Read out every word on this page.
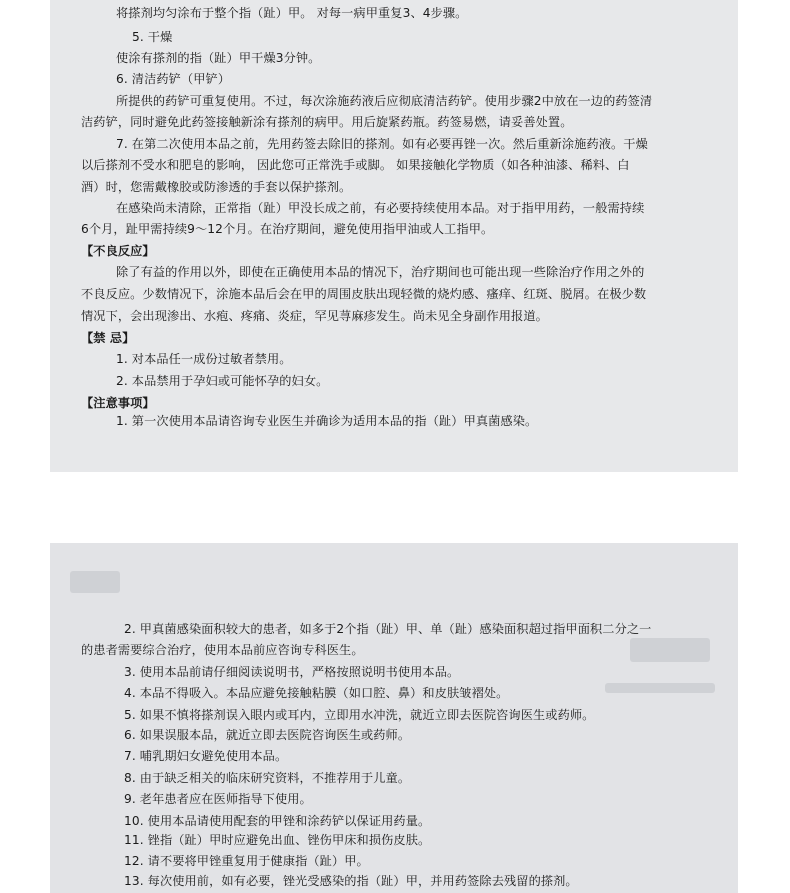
将搽剂均匀涂布于整个指（趾）甲。 对每一病甲重复3、4步骤。
5. 干燥
使涂有搽剂的指（趾）甲干燥3分钟。
6. 清洁药铲（甲铲）
所提供的药铲可重复使用。不过，每次涂施药液后应彻底清洁药铲。使用步骤2中放在一边的药签清
洁药铲，同时避免此药签接触新涂有搽剂的病甲。用后旋紧药瓶。药签易燃，请妥善处置。
7. 在第二次使用本品之前，先用药签去除旧的搽剂。如有必要再锉一次。然后重新涂施药液。干燥
以后搽剂不受水和肥皂的影响， 因此您可正常洗手或脚。 如果接触化学物质（如各种油漆、稀料、白
酒）时，您需戴橡胶或防渗透的手套以保护搽剂。
在感染尚未清除，正常指（趾）甲没长成之前，有必要持续使用本品。对于指甲用药，一般需持续
6个月，趾甲需持续9～12个月。在治疗期间，避免使用指甲油或人工指甲。
【不良反应】
除了有益的作用以外，即使在正确使用本品的情况下，治疗期间也可能出现一些除治疗作用之外的
不良反应。少数情况下，涂施本品后会在甲的周围皮肤出现轻微的烧灼感、瘙痒、红斑、脱屑。在极少数
情况下，会出现渗出、水疱、疼痛、炎症，罕见荨麻疹发生。尚未见全身副作用报道。
【禁 忌】
1. 对本品任一成份过敏者禁用。
2. 本品禁用于孕妇或可能怀孕的妇女。
【注意事项】
1. 第一次使用本品请咨询专业医生并确诊为适用本品的指（趾）甲真菌感染。
2. 甲真菌感染面积较大的患者，如多于2个指（趾）甲、单（趾）感染面积超过指甲面积二分之一
的患者需要综合治疗，使用本品前应咨询专科医生。
3. 使用本品前请仔细阅读说明书，严格按照说明书使用本品。
4. 本品不得吸入。本品应避免接触粘膜（如口腔、鼻）和皮肤皱褶处。
5. 如果不慎将搽剂误入眼内或耳内，立即用水冲洗，就近立即去医院咨询医生或药师。
6. 如果误服本品，就近立即去医院咨询医生或药师。
7. 哺乳期妇女避免使用本品。
8. 由于缺乏相关的临床研究资料，不推荐用于儿童。
9. 老年患者应在医师指导下使用。
10. 使用本品请使用配套的甲锉和涂药铲以保证用药量。
11. 锉指（趾）甲时应避免出血、锉伤甲床和损伤皮肤。
12. 请不要将甲锉重复用于健康指（趾）甲。
13. 每次使用前，如有必要，锉光受感染的指（趾）甲，并用药签除去残留的搽剂。
